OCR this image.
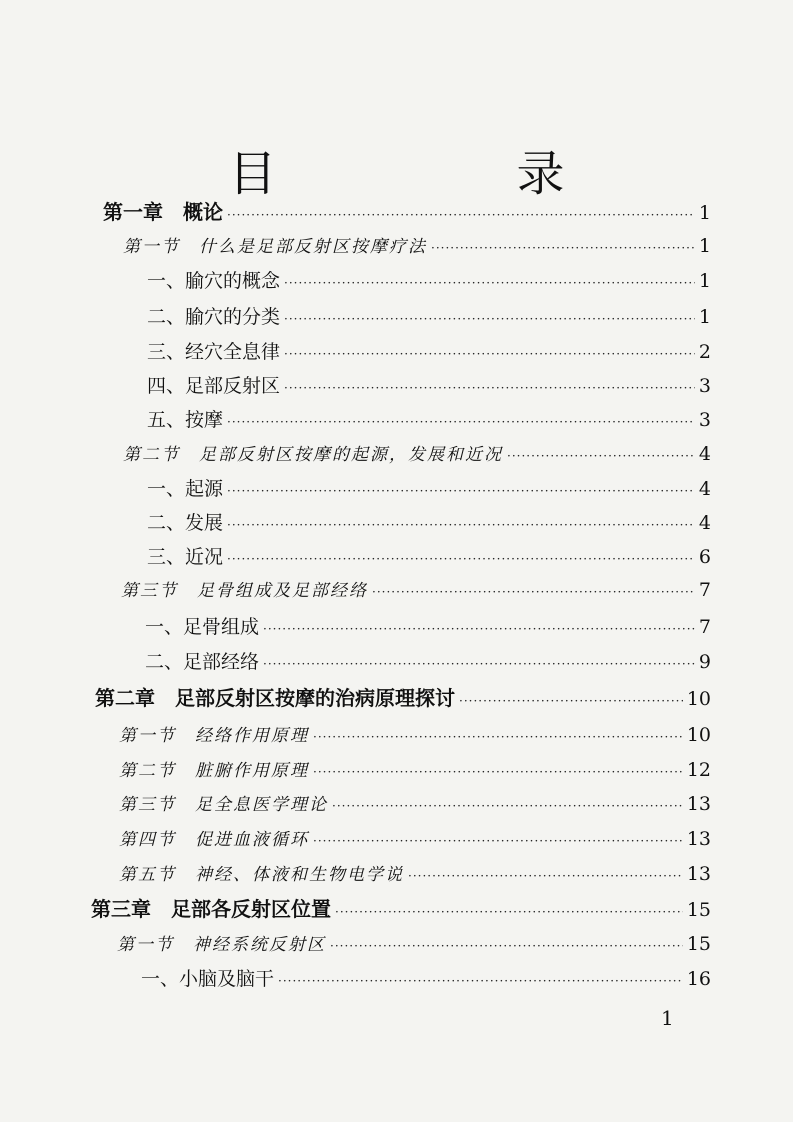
目　录
第一章　概论 ·····	1
第一节　什么是足部反射区按摩疗法 ·····	1
一、腧穴的概念 ·····	1
二、腧穴的分类 ·····	1
三、经穴全息律 ·····	2
四、足部反射区 ·····	3
五、按摩 ·····	3
第二节　足部反射区按摩的起源，发展和近况 ·····	4
一、起源 ·····	4
二、发展 ·····	4
三、近况 ·····	6
第三节　足骨组成及足部经络 ·····	7
一、足骨组成 ·····	7
二、足部经络 ·····	9
第二章　足部反射区按摩的治病原理探讨 ·····	10
第一节　经络作用原理 ·····	10
第二节　脏腑作用原理 ·····	12
第三节　足全息医学理论 ·····	13
第四节　促进血液循环 ·····	13
第五节　神经、体液和生物电学说 ·····	13
第三章　足部各反射区位置 ·····	15
第一节　神经系统反射区 ·····	15
一、小脑及脑干 ·····	16
1
